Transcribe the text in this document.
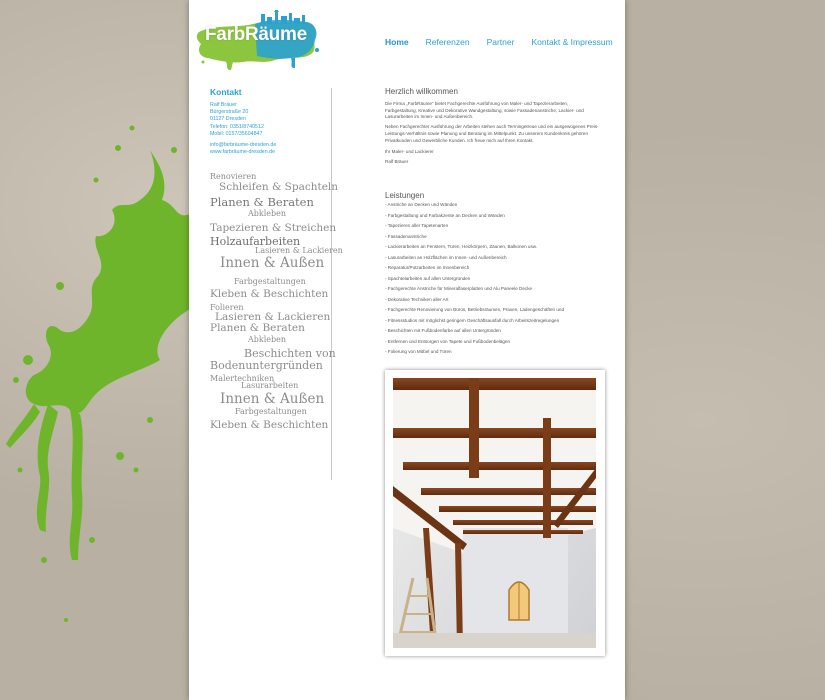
FarbRäume	Home Referenzen Partner Kontakt & Impressum
Kontakt
Ralf Bräuer
Bürgerstraße 20
01127 Dresden
Telefon: 0351/8740512
Mobil: 0157/35604847
info@farbräume-dresden.de
www.farbräume-dresden.de
Renovieren
Schleifen & Spachteln
Planen & Beraten
Abkleben
Tapezieren & Streichen
Holzaufarbeiten
Lasieren & Lackieren
Innen & Außen
Farbgestaltungen
Kleben & Beschichten
Folieren
Lasieren & Lackieren
Planen & Beraten
Abkleben
Beschichten von
Bodenuntergründen
Malertechniken
Lasurarbeiten
Innen & Außen
Farbgestaltungen
Kleben & Beschichten
Herzlich willkommen

Die Firma „FarbRäume“ bietet Fachgerechte Ausführung von Maler- und Tapezierarbeiten, Farbgestaltung, Kreative und Dekorative Wandgestaltung, sowie Fassadenanstriche, Lackier- und Lasurarbeiten im Innen- und Außenbereich.

Neben Fachgerechter Ausführung der Arbeiten stehen auch Termingetreue und ein ausgewogenes Preis-Leistungs-Verhältnis sowie Planung und Beratung im Mittelpunkt. Zu unserem Kundenkreis gehören Privatkunden und Gewerbliche Kunden. Ich freue mich auf Ihren Kontakt.

Ihr Maler- und Lackierer

Ralf Bräuer

Leistungen
- Anstriche an Decken und Wänden
- Farbgestaltung und Farbakzente an Decken und Wänden
- Tapezieren aller Tapetenarten
- Fassadenanstriche
- Lackierarbeiten an Fenstern, Türen, Heizkörpern, Zäunen, Balkonen usw.
- Lasurarbeiten an Holzflächen im Innen- und Außenbereich
- Reparatur/Putzarbeiten im Innenbereich
- Spachtelarbeiten auf allen Untergründen
- Fachgerechte Anstriche für Mineralfaserplatten und Alu Paneele Decke
- Dekorative Techniken aller Art
- Fachgerechte Renovierung von Büros, Betriebsräumen, Praxen, Ladengeschäften und
- Fitnessstudios mit möglichst geringem Geschäftsausfall durch Arbeitszeitregelungen
- Beschichten mit Fußbodenfarbe auf allen Untergründen
- Entfernen und Entsorgen von Tapete und Fußbodenbelägen
- Folierung von Möbel und Türen
